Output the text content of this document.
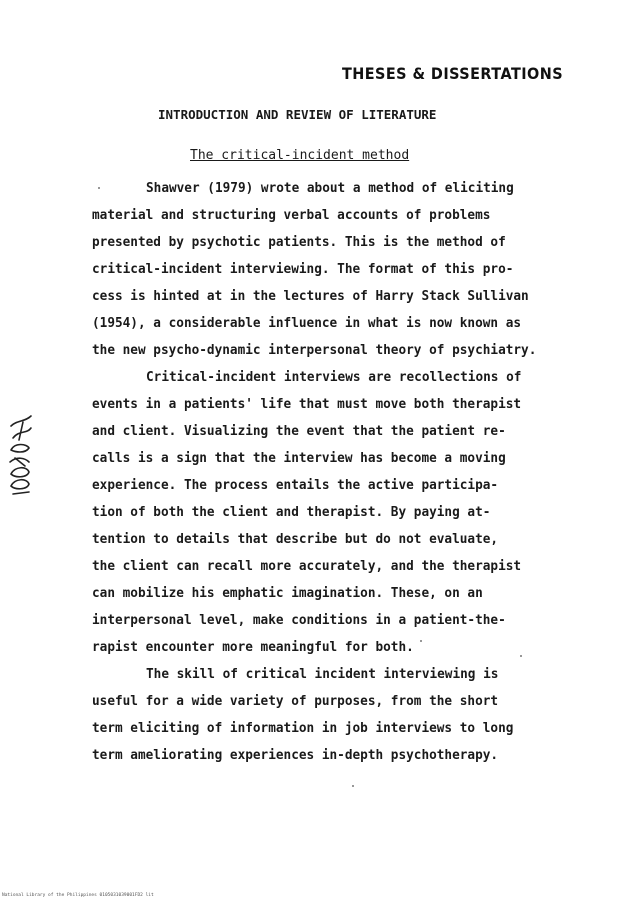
THESES & DISSERTATIONS
INTRODUCTION AND REVIEW OF LITERATURE
The critical-incident method
Shawver (1979) wrote about a method of eliciting
material and structuring verbal accounts of problems
presented by psychotic patients. This is the method of
critical-incident interviewing. The format of this pro-
cess is hinted at in the lectures of Harry Stack Sullivan
(1954), a considerable influence in what is now known as
the new psycho-dynamic interpersonal theory of psychiatry.
Critical-incident interviews are recollections of
events in a patients' life that must move both therapist
and client. Visualizing the event that the patient re-
calls is a sign that the interview has become a moving
experience. The process entails the active participa-
tion of both the client and therapist. By paying at-
tention to details that describe but do not evaluate,
the client can recall more accurately, and the therapist
can mobilize his emphatic imagination. These, on an
interpersonal level, make conditions in a patient-the-
rapist encounter more meaningful for both.
The skill of critical incident interviewing is
useful for a wide variety of purposes, from the short
term eliciting of information in job interviews to long
term ameliorating experiences in-depth psychotherapy.
National Library of the Philippines 0105031039001FD2 lit
